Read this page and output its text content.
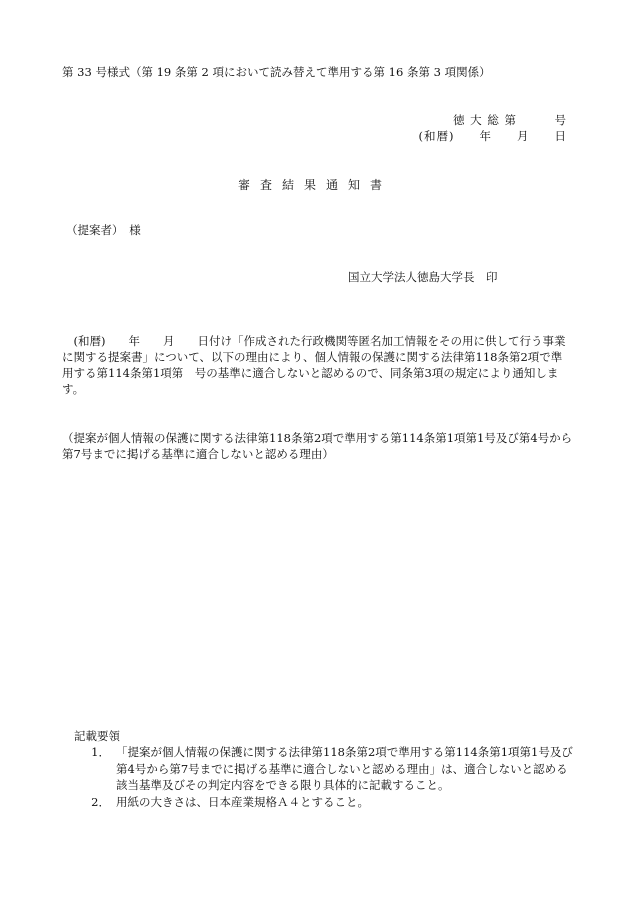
第 33 号様式（第 19 条第 2 項において読み替えて準用する第 16 条第 3 項関係）
徳 大 総 第　　　号
(和暦)　　年　　月　　日
審査結果通知書
（提案者）　様
国立大学法人徳島大学長　印
　(和暦)　　年　　月　　日付け「作成された行政機関等匿名加工情報をその用に供して行う事業に関する提案書」について、以下の理由により、個人情報の保護に関する法律第118条第2項で準用する第114条第1項第　号の基準に適合しないと認めるので、同条第3項の規定により通知します。
（提案が個人情報の保護に関する法律第118条第2項で準用する第114条第1項第1号及び第4号から第7号までに掲げる基準に適合しないと認める理由）
記載要領
1． 「提案が個人情報の保護に関する法律第118条第2項で準用する第114条第1項第1号及び第4号から第7号までに掲げる基準に適合しないと認める理由」は、適合しないと認める該当基準及びその判定内容をできる限り具体的に記載すること。
2． 用紙の大きさは、日本産業規格Ａ４とすること。
